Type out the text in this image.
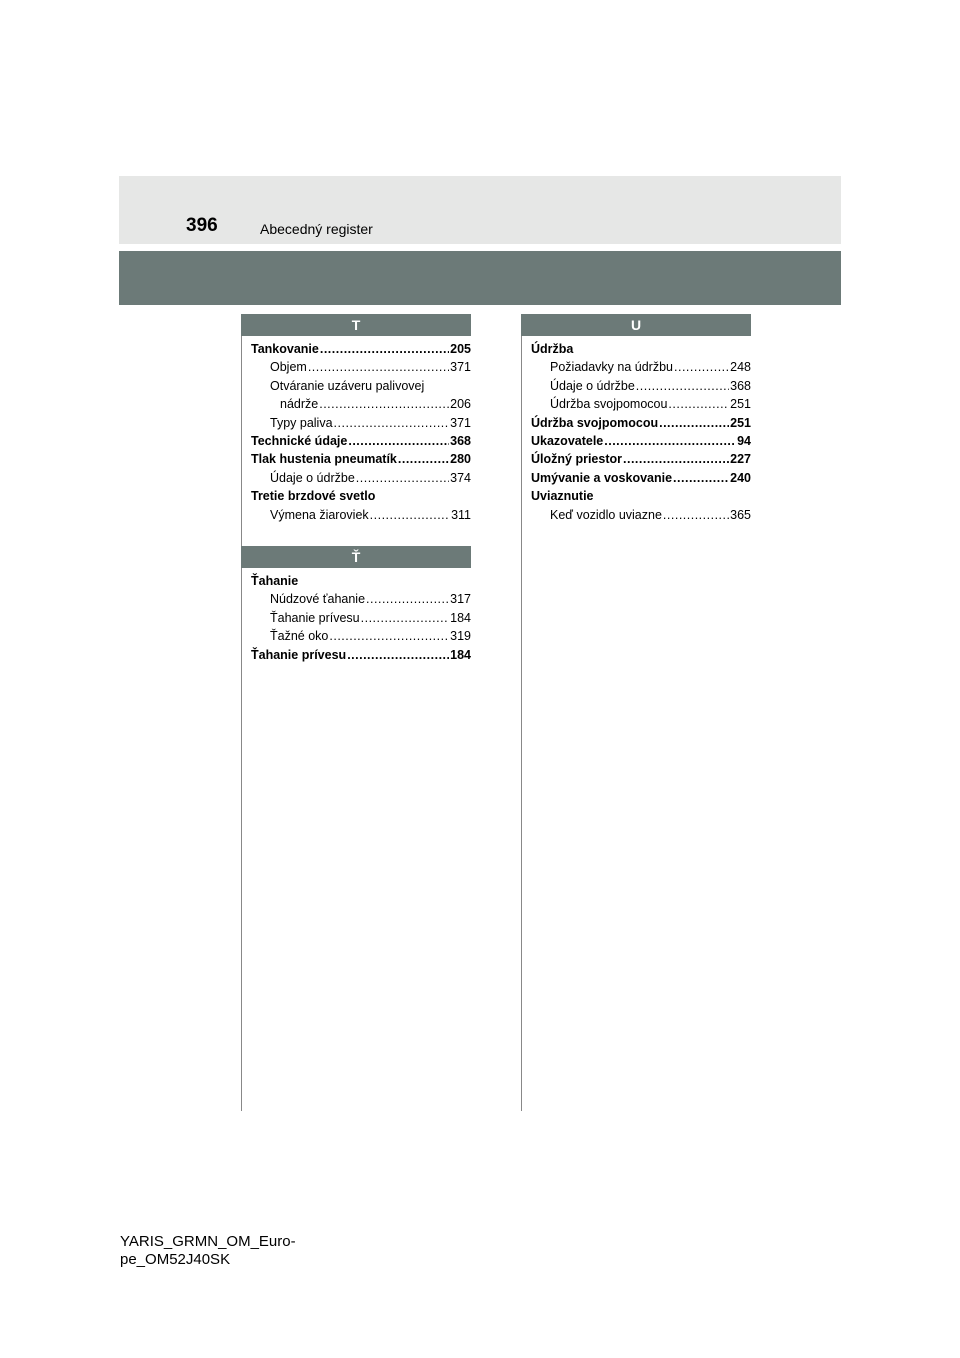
396	Abecedný register
T
Tankovanie .....	205
Objem .....	371
Otváranie uzáveru palivovej
nádrže .....	206
Typy paliva .....	371
Technické údaje .....	368
Tlak hustenia pneumatík .....	280
Údaje o údržbe .....	374
Tretie brzdové svetlo
Výmena žiaroviek .....	311
Ť
Ťahanie
Núdzové ťahanie .....	317
Ťahanie prívesu .....	184
Ťažné oko .....	319
Ťahanie prívesu .....	184
U
Údržba
Požiadavky na údržbu .....	248
Údaje o údržbe .....	368
Údržba svojpomocou .....	251
Údržba svojpomocou .....	251
Ukazovatele .....	94
Úložný priestor .....	227
Umývanie a voskovanie .....	240
Uviaznutie
Keď vozidlo uviazne .....	365
YARIS_GRMN_OM_Euro-
pe_OM52J40SK
